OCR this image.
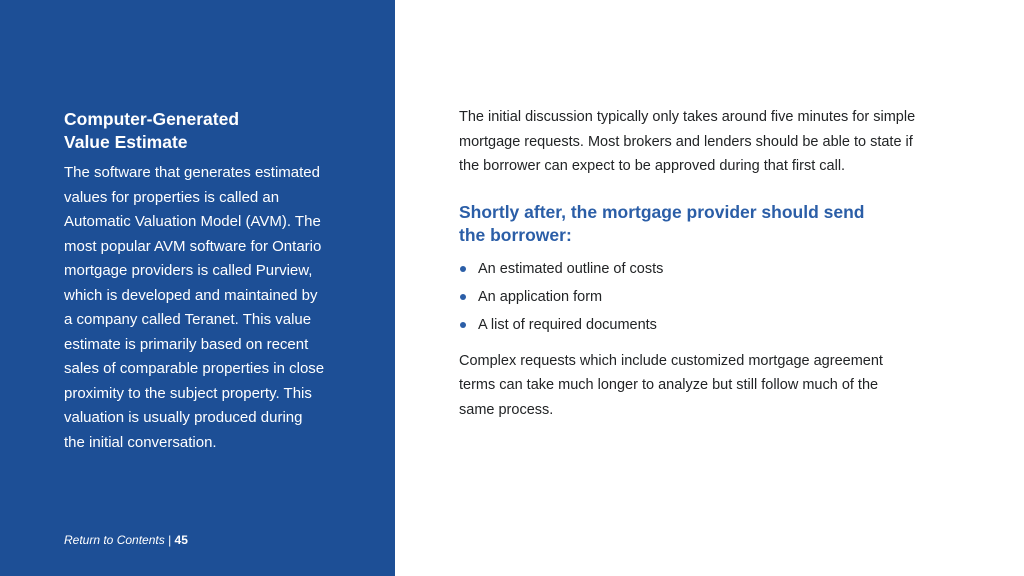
Computer-Generated
Value Estimate
The software that generates estimated
values for properties is called an
Automatic Valuation Model (AVM). The
most popular AVM software for Ontario
mortgage providers is called Purview,
which is developed and maintained by
a company called Teranet. This value
estimate is primarily based on recent
sales of comparable properties in close
proximity to the subject property. This
valuation is usually produced during
the initial conversation.
Return to Contents | 45

The initial discussion typically only takes around five minutes for simple
mortgage requests. Most brokers and lenders should be able to state if
the borrower can expect to be approved during that first call.

Shortly after, the mortgage provider should send
the borrower:
An estimated outline of costs
An application form
A list of required documents

Complex requests which include customized mortgage agreement
terms can take much longer to analyze but still follow much of the
same process.
